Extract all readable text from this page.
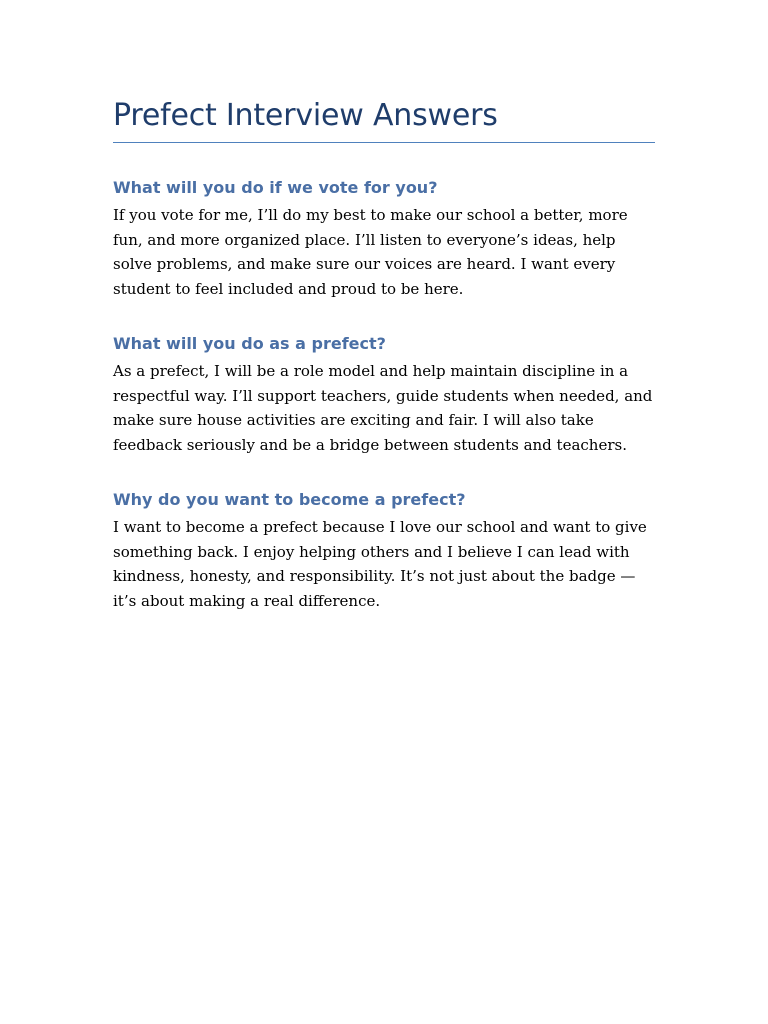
Prefect Interview Answers
What will you do if we vote for you?

If you vote for me, I’ll do my best to make our school a better, more fun, and more organized place. I’ll listen to everyone’s ideas, help solve problems, and make sure our voices are heard. I want every student to feel included and proud to be here.

What will you do as a prefect?

As a prefect, I will be a role model and help maintain discipline in a respectful way. I’ll support teachers, guide students when needed, and make sure house activities are exciting and fair. I will also take feedback seriously and be a bridge between students and teachers.

Why do you want to become a prefect?

I want to become a prefect because I love our school and want to give something back. I enjoy helping others and I believe I can lead with kindness, honesty, and responsibility. It’s not just about the badge — it’s about making a real difference.
